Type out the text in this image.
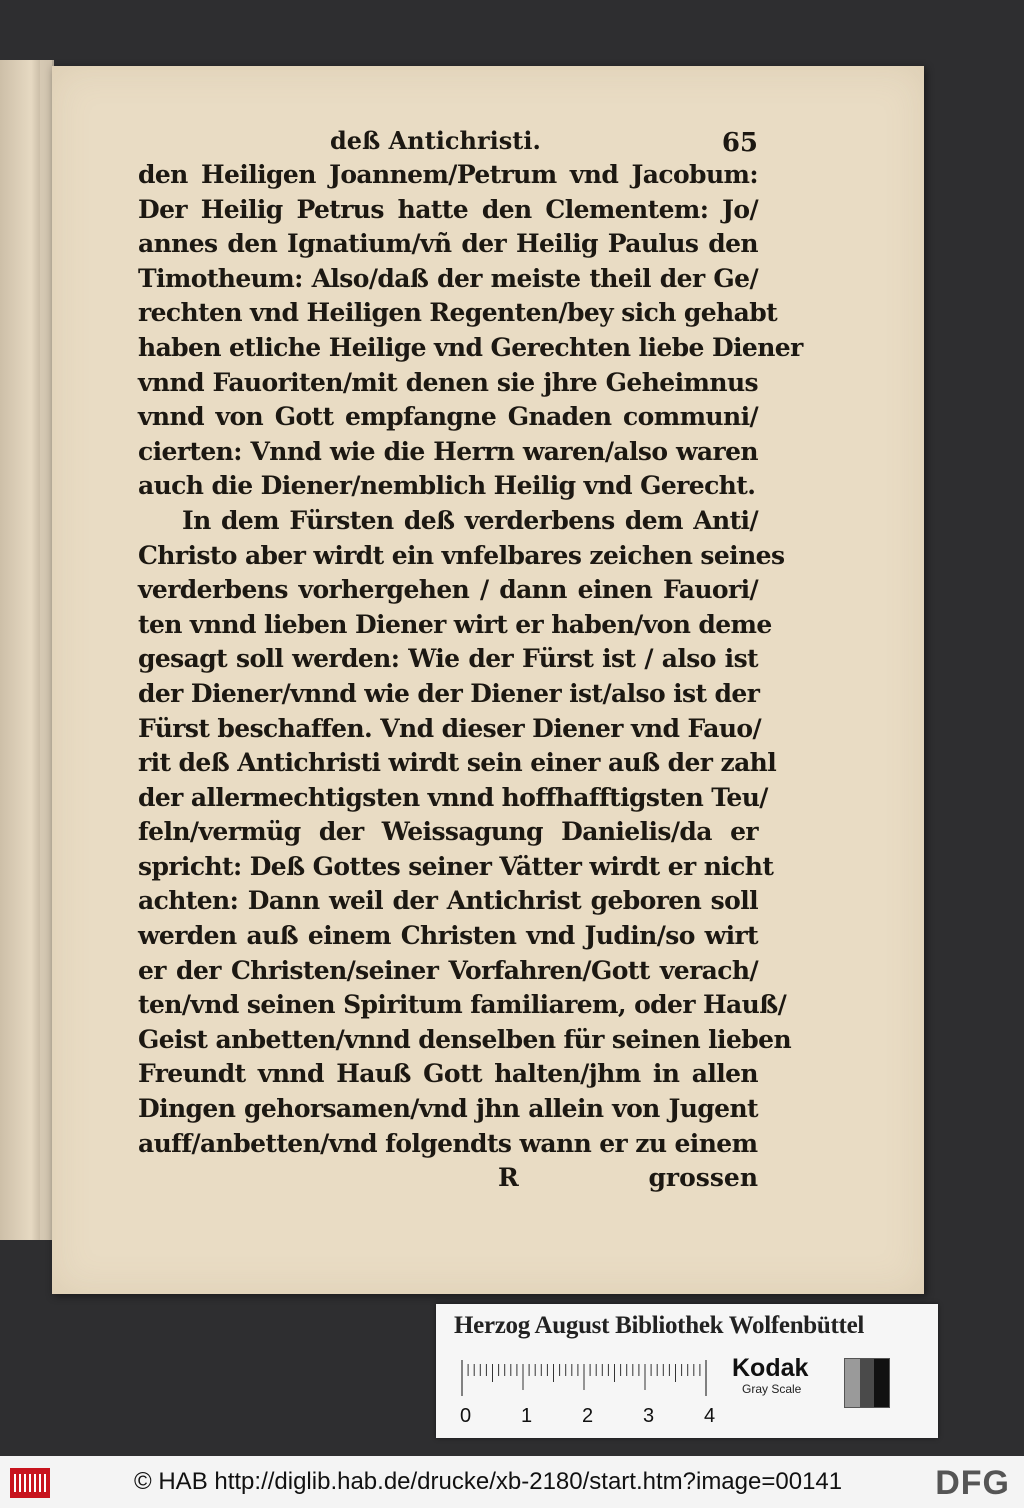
deß Antichristi.	65
den Heiligen Joannem/Petrum vnd Jacobum:
Der Heilig Petrus hatte den Clementem: Jo/
annes den Ignatium/vñ der Heilig Paulus den
Timotheum: Also/daß der meiste theil der Ge/
rechten vnd Heiligen Regenten/bey sich gehabt
haben etliche Heilige vnd Gerechten liebe Diener
vnnd Fauoriten/mit denen sie jhre Geheimnus
vnnd von Gott empfangne Gnaden communi/
cierten: Vnnd wie die Herrn waren/also waren
auch die Diener/nemblich Heilig vnd Gerecht.
In dem Fürsten deß verderbens dem Anti/
Christo aber wirdt ein vnfelbares zeichen seines
verderbens vorhergehen / dann einen Fauori/
ten vnnd lieben Diener wirt er haben/von deme
gesagt soll werden: Wie der Fürst ist / also ist
der Diener/vnnd wie der Diener ist/also ist der
Fürst beschaffen. Vnd dieser Diener vnd Fauo/
rit deß Antichristi wirdt sein einer auß der zahl
der allermechtigsten vnnd hoffhafftigsten Teu/
feln/vermüg der Weissagung Danielis/da er
spricht: Deß Gottes seiner Vätter wirdt er nicht
achten: Dann weil der Antichrist geboren soll
werden auß einem Christen vnd Judin/so wirt
er der Christen/seiner Vorfahren/Gott verach/
ten/vnd seinen Spiritum familiarem, oder Hauß/
Geist anbetten/vnnd denselben für seinen lieben
Freundt vnnd Hauß Gott halten/jhm in allen
Dingen gehorsamen/vnd jhn allein von Jugent
auff/anbetten/vnd folgendts wann er zu einem
R	grossen
Herzog August Bibliothek Wolfenbüttel
0 1 2 3 4
Kodak
Gray Scale
© HAB http://diglib.hab.de/drucke/xb-2180/start.htm?image=00141	DFG
